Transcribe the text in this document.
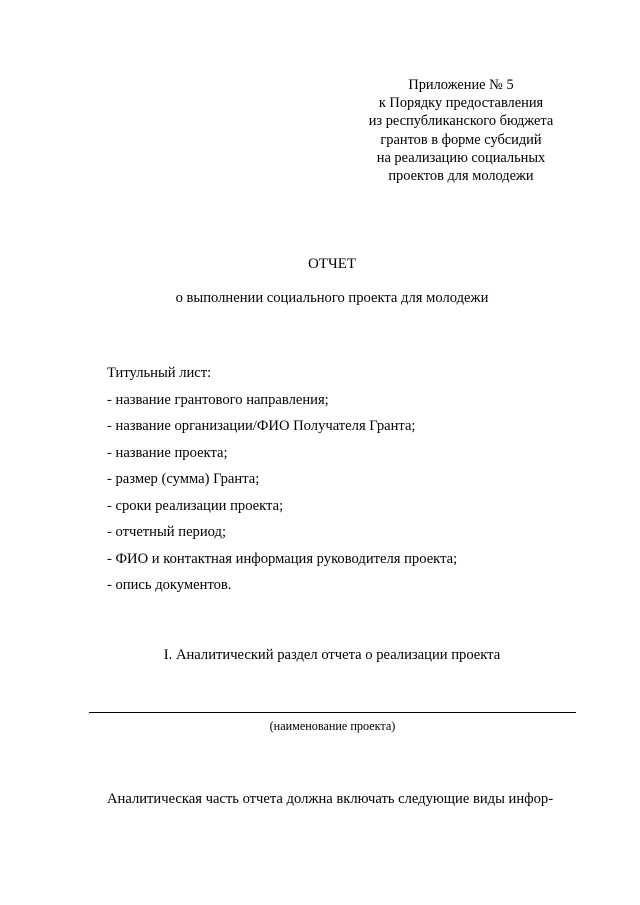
Приложение № 5
к Порядку предоставления
из республиканского бюджета
грантов в форме субсидий
на реализацию социальных
проектов для молодежи
ОТЧЕТ
о выполнении социального проекта для молодежи
Титульный лист:
- название грантового направления;
- название организации/ФИО Получателя Гранта;
- название проекта;
- размер (сумма) Гранта;
- сроки реализации проекта;
- отчетный период;
- ФИО и контактная информация руководителя проекта;
- опись документов.
I. Аналитический раздел отчета о реализации проекта
(наименование проекта)
Аналитическая часть отчета должна включать следующие виды инфор-
